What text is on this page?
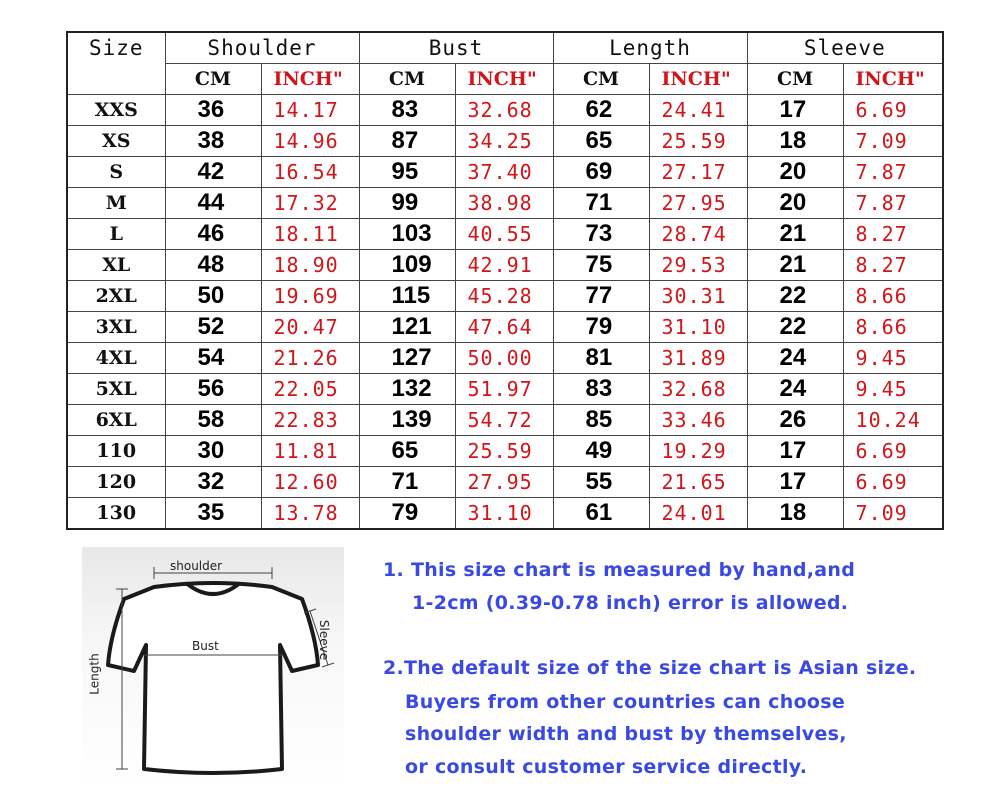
Size	Shoulder		Bust		Length		Sleeve	
	CM	INCH"	CM	INCH"	CM	INCH"	CM	INCH"
XXS	36	14.17	83	32.68	62	24.41	17	6.69
XS	38	14.96	87	34.25	65	25.59	18	7.09
S	42	16.54	95	37.40	69	27.17	20	7.87
M	44	17.32	99	38.98	71	27.95	20	7.87
L	46	18.11	103	40.55	73	28.74	21	8.27
XL	48	18.90	109	42.91	75	29.53	21	8.27
2XL	50	19.69	115	45.28	77	30.31	22	8.66
3XL	52	20.47	121	47.64	79	31.10	22	8.66
4XL	54	21.26	127	50.00	81	31.89	24	9.45
5XL	56	22.05	132	51.97	83	32.68	24	9.45
6XL	58	22.83	139	54.72	85	33.46	26	10.24
110	30	11.81	65	25.59	49	19.29	17	6.69
120	32	12.60	71	27.95	55	21.65	17	6.69
130	35	13.78	79	31.10	61	24.01	18	7.09
shoulder
Bust	Sleeve
Length

1. This size chart is measured by hand,and

1-2cm (0.39-0.78 inch) error is allowed.

2.The default size of the size chart is Asian size.

Buyers from other countries can choose

shoulder width and bust by themselves,

or consult customer service directly.
